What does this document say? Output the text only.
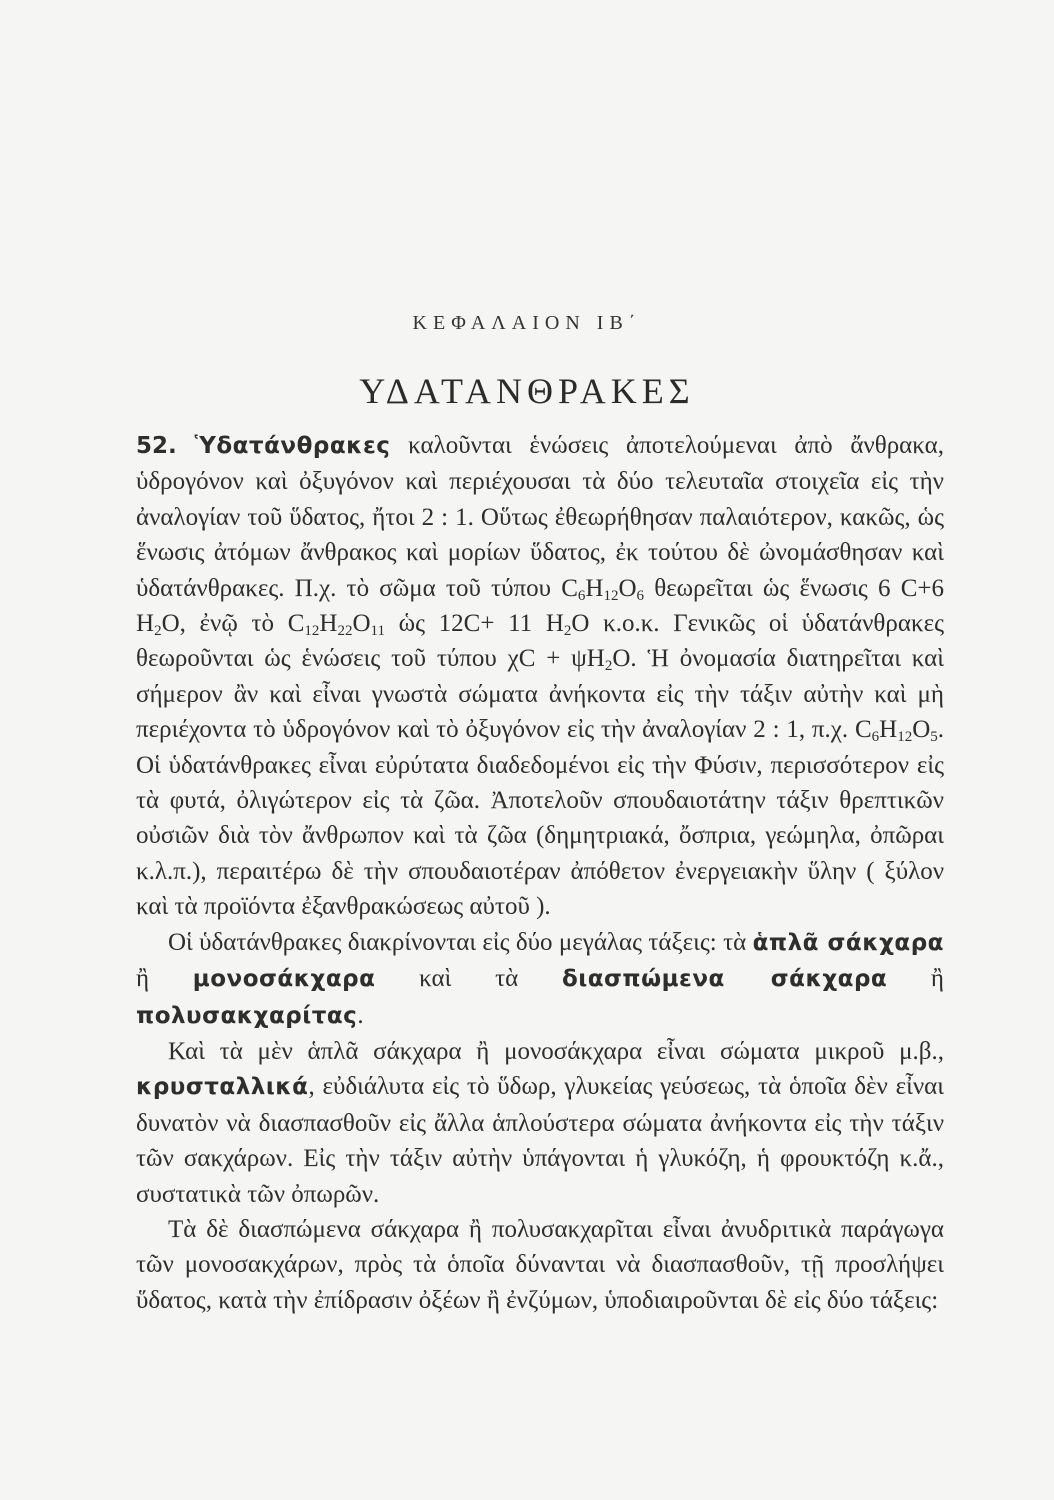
ΚΕΦΑΛΑΙΟΝ ΙΒ΄
ΥΔΑΤΑΝΘΡΑΚΕΣ

52. Ὑδατάνθρακες καλοῦνται ἑνώσεις ἀποτελούμεναι ἀπὸ ἄνθρακα, ὑδρογόνον καὶ ὀξυγόνον καὶ περιέχουσαι τὰ δύο τελευταῖα στοιχεῖα εἰς τὴν ἀναλογίαν τοῦ ὕδατος, ἤτοι 2 : 1. Οὕτως ἐθεωρήθησαν παλαιότερον, κακῶς, ὡς ἕνωσις ἀτόμων ἄνθρακος καὶ μορίων ὕδατος, ἐκ τούτου δὲ ὠνομάσθησαν καὶ ὑδατάνθρακες. Π.χ. τὸ σῶμα τοῦ τύπου $C_6H_{12}O_6$ θεωρεῖται ὡς ἕνωσις 6 C+6 $H_2O$, ἐνῷ τὸ $C_{12}H_{22}O_{11}$ ὡς 12C+ 11 $H_2O$ κ.ο.κ. Γενικῶς οἱ ὑδατάνθρακες θεωροῦνται ὡς ἑνώσεις τοῦ τύπου $\chi C + \psi H_2O$. Ἡ ὀνομασία διατηρεῖται καὶ σήμερον ἂν καὶ εἶναι γνωστὰ σώματα ἀνήκοντα εἰς τὴν τάξιν αὐτὴν καὶ μὴ περιέχοντα τὸ ὑδρογόνον καὶ τὸ ὀξυγόνον εἰς τὴν ἀναλογίαν 2 : 1, π.χ. $C_6H_{12}O_5$. Οἱ ὑδατάνθρακες εἶναι εὐρύτατα διαδεδομένοι εἰς τὴν Φύσιν, περισσότερον εἰς τὰ φυτά, ὀλιγώτερον εἰς τὰ ζῶα. Ἀποτελοῦν σπουδαιοτάτην τάξιν θρεπτικῶν οὐσιῶν διὰ τὸν ἄνθρωπον καὶ τὰ ζῶα (δημητριακά, ὄσπρια, γεώμηλα, ὀπῶραι κ.λ.π.), περαιτέρω δὲ τὴν σπουδαιοτέραν ἀπόθετον ἐνεργειακὴν ὕλην ( ξύλον καὶ τὰ προϊόντα ἐξανθρακώσεως αὐτοῦ ).

Οἱ ὑδατάνθρακες διακρίνονται εἰς δύο μεγάλας τάξεις: τὰ ἁπλᾶ σάκχαρα ἢ μονοσάκχαρα καὶ τὰ διασπώμενα σάκχαρα ἢ πολυσακχαρίτας.

Καὶ τὰ μὲν ἁπλᾶ σάκχαρα ἢ μονοσάκχαρα εἶναι σώματα μικροῦ μ.β., κρυσταλλικά, εὐδιάλυτα εἰς τὸ ὕδωρ, γλυκείας γεύσεως, τὰ ὁποῖα δὲν εἶναι δυνατὸν νὰ διασπασθοῦν εἰς ἄλλα ἁπλούστερα σώματα ἀνήκοντα εἰς τὴν τάξιν τῶν σακχάρων. Εἰς τὴν τάξιν αὐτὴν ὑπάγονται ἡ γλυκόζη, ἡ φρουκτόζη κ.ἄ., συστατικὰ τῶν ὀπωρῶν.

Τὰ δὲ διασπώμενα σάκχαρα ἢ πολυσακχαρῖται εἶναι ἀνυδριτικὰ παράγωγα τῶν μονοσακχάρων, πρὸς τὰ ὁποῖα δύνανται νὰ διασπασθοῦν, τῇ προσλήψει ὕδατος, κατὰ τὴν ἐπίδρασιν ὀξέων ἢ ἐνζύμων, ὑποδιαιροῦνται δὲ εἰς δύο τάξεις:
